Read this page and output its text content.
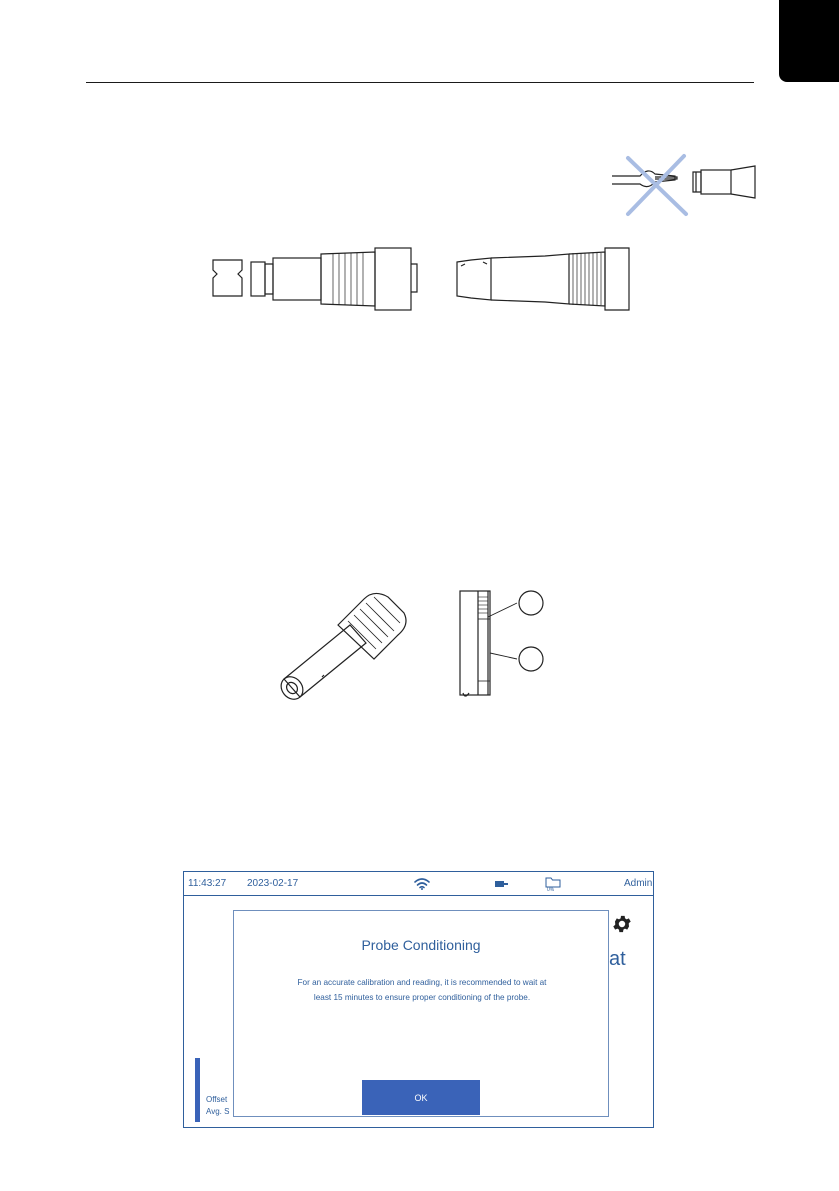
11:43:27 2023-02-17
0%
Admin
at
Offset
Avg. S
Probe Conditioning
For an accurate calibration and reading, it is recommended to wait at
least 15 minutes to ensure proper conditioning of the probe.
OK
